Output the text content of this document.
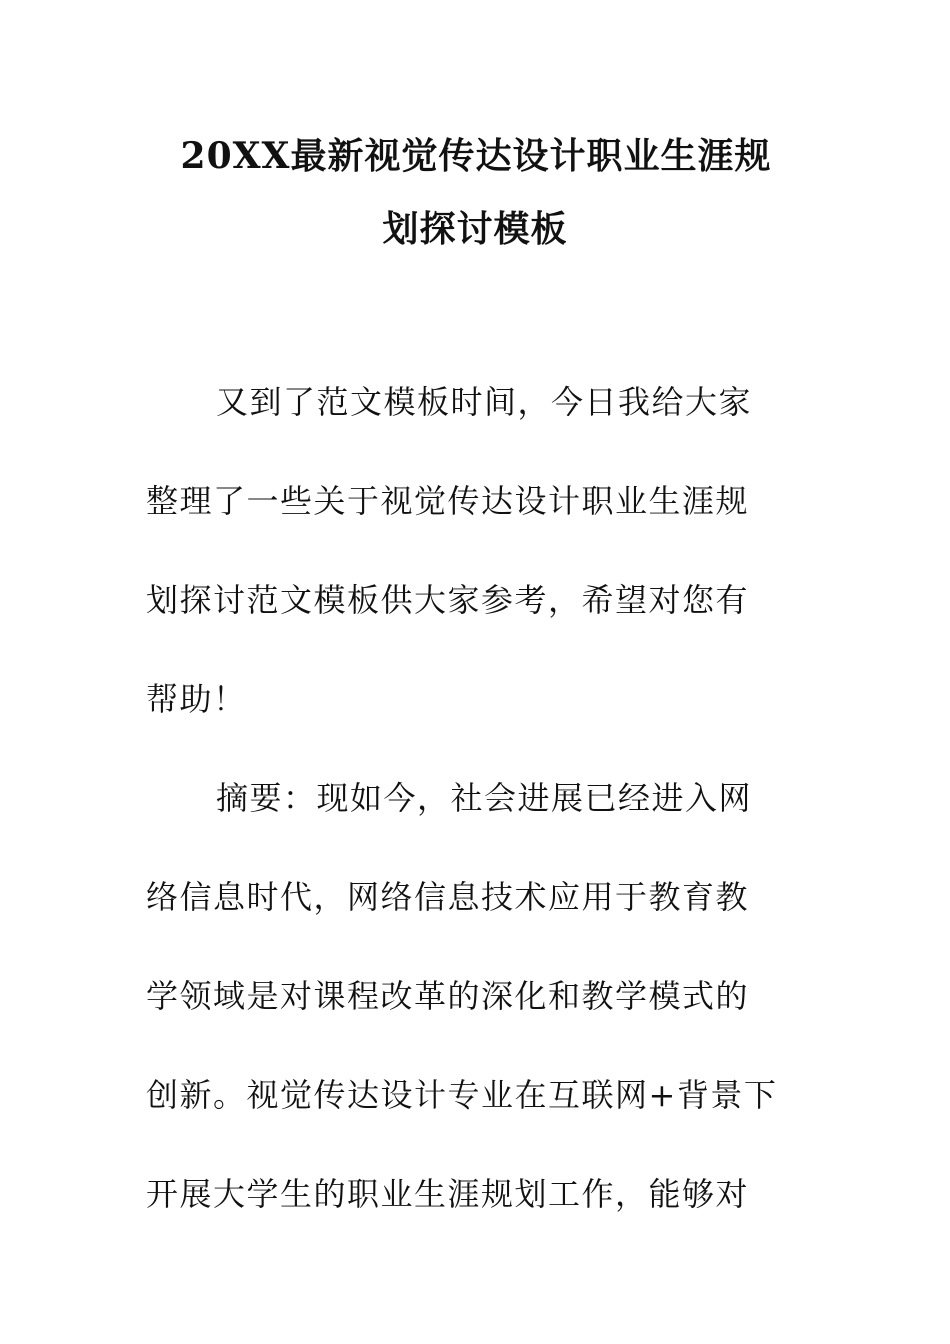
20XX最新视觉传达设计职业生涯规
划探讨模板
又到了范文模板时间，今日我给大家
整理了一些关于视觉传达设计职业生涯规
划探讨范文模板供大家参考，希望对您有
帮助！
摘要：现如今，社会进展已经进入网
络信息时代，网络信息技术应用于教育教
学领域是对课程改革的深化和教学模式的
创新。视觉传达设计专业在互联网+背景下
开展大学生的职业生涯规划工作，能够对
